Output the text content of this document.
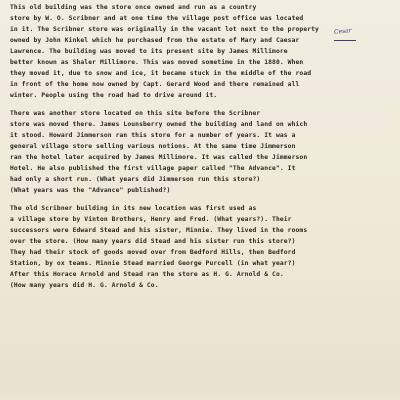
This old building was the store once owned and run as a country
store by W. O. Scribner and at one time the village post office was located
in it. The Scribner store was originally in the vacant lot next to the property
owned by John Kinkel which he purchased from the estate of Mary and Caesar
Lawrence. The building was moved to its present site by James Millimore
better known as Shaler Millimore. This was moved sometime in the 1880. When
they moved it, due to snow and ice, it became stuck in the middle of the road
in front of the home now owned by Capt. Gerard Wood and there remained all
winter. People using the road had to drive around it.
There was another store located on this site before the Scribner
store was moved there. James Lounsberry owned the building and land on which
it stood. Howard Jimmerson ran this store for a number of years. It was a
general village store selling various notions. At the same time Jimmerson
ran the hotel later acquired by James Millimore. It was called the Jimmerson
Hotel. He also published the first village paper called "The Advance". It
had only a short run. (What years did Jimmerson run this store?)
(What years was the "Advance" published?)
The old Scribner building in its new location was first used as
a village store by Vinton Brothers, Henry and Fred. (What years?). Their
successors were Edward Stead and his sister, Minnie. They lived in the rooms
over the store. (How many years did Stead and his sister run this store?)
They had their stock of goods moved over from Bedford Hills, then Bedford
Station, by ox teams. Minnie Stead married George Purcell (in what year?)
After this Horace Arnold and Stead ran the store as H. G. Arnold & Co.
(How many years did H. G. Arnold & Co.
Cesar
